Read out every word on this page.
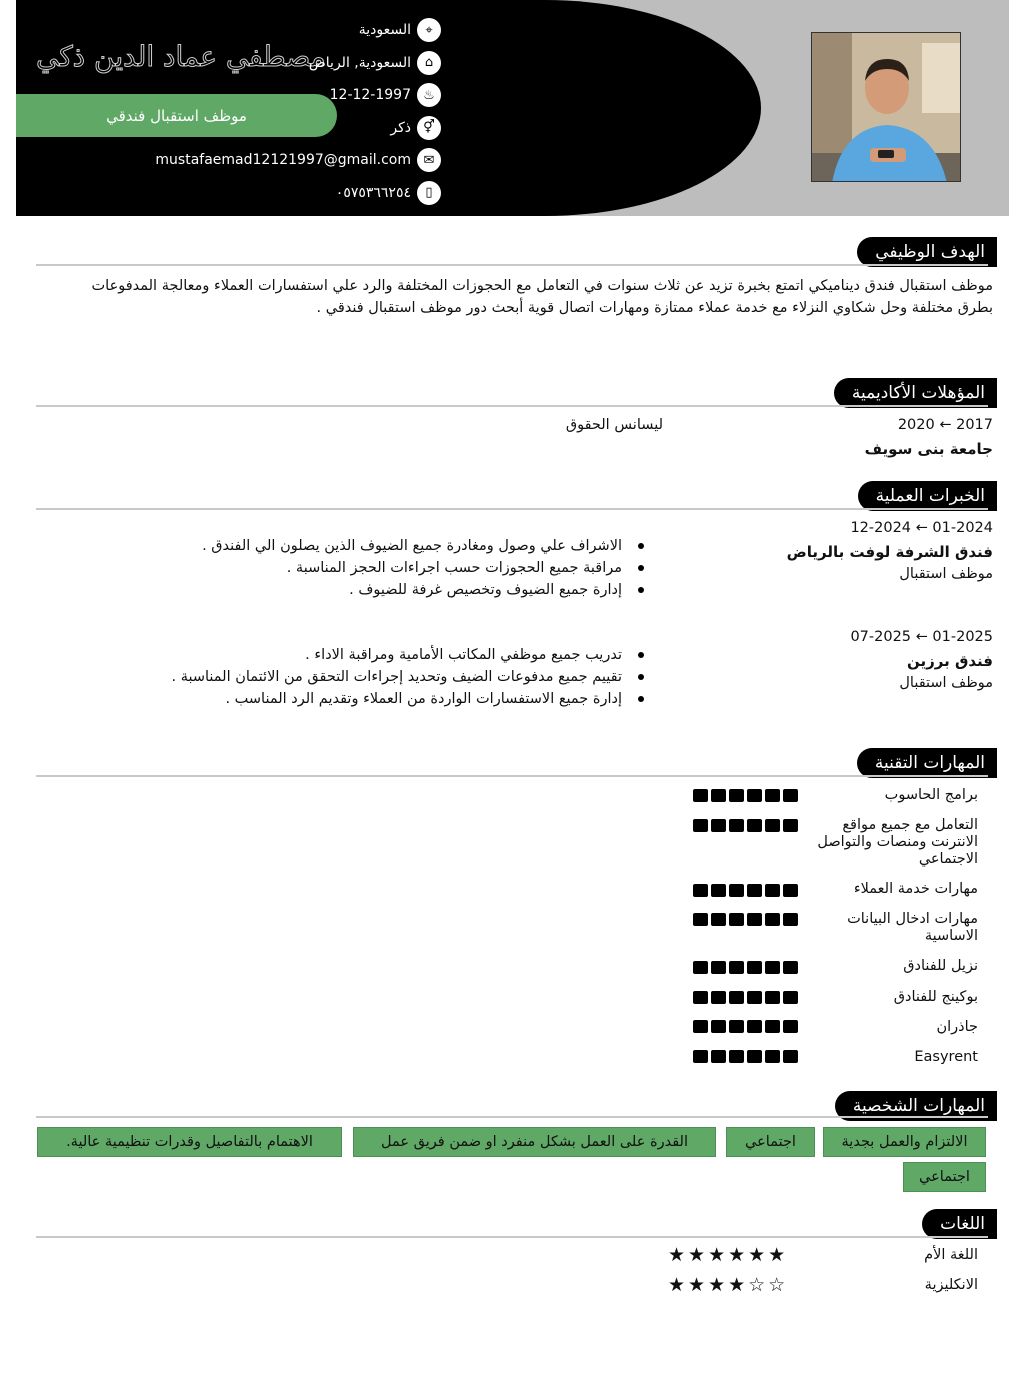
مصطفي عماد الدين ذكي
موظف استقبال فندقي
⌖
السعودية
⌂
السعودية, الرياض
♨
12-12-1997
⚥
ذكر
✉
mustafaemad12121997@gmail.com
▯
٠٥٧٥٣٦٦٢٥٤
الهدف الوظيفي
موظف استقبال فندق ديناميكي اتمتع بخبرة تزيد عن ثلاث سنوات في التعامل مع الحجوزات المختلفة والرد علي استفسارات العملاء ومعالجة المدفوعات بطرق مختلفة وحل شكاوي النزلاء مع خدمة عملاء ممتازة ومهارات اتصال قوية أبحث دور موظف استقبال فندقي .
المؤهلات الأكاديمية
2017 ← 2020
جامعة بنى سويف
ليسانس الحقوق
الخبرات العملية
01-2024 ← 12-2024
فندق الشرفة لوفت بالرياض
موظف استقبال
الاشراف علي وصول ومغادرة جميع الضيوف الذين يصلون الي الفندق .
مراقبة جميع الحجوزات حسب اجراءات الحجز المناسبة .
إدارة جميع الضيوف وتخصيص غرفة للضيوف .
01-2025 ← 07-2025
فندق برزين
موظف استقبال
تدريب جميع موظفي المكاتب الأمامية ومراقبة الاداء .
تقييم جميع مدفوعات الضيف وتحديد إجراءات التحقق من الائتمان المناسبة .
إدارة جميع الاستفسارات الواردة من العملاء وتقديم الرد المناسب .
المهارات التقنية
برامج الحاسوب
التعامل مع جميع مواقع الانترنت ومنصات والتواصل الاجتماعي
مهارات خدمة العملاء
مهارات ادخال البيانات الاساسية
نزيل للفنادق
بوكينج للفنادق
جاذران
Easyrent
المهارات الشخصية
الالتزام والعمل بجدية
اجتماعي
القدرة على العمل بشكل منفرد او ضمن فريق عمل
الاهتمام بالتفاصيل وقدرات تنظيمية عالية.
اجتماعي
اللغات
اللغة الأم
★★★★★★
الانكليزية
★★★★☆☆
